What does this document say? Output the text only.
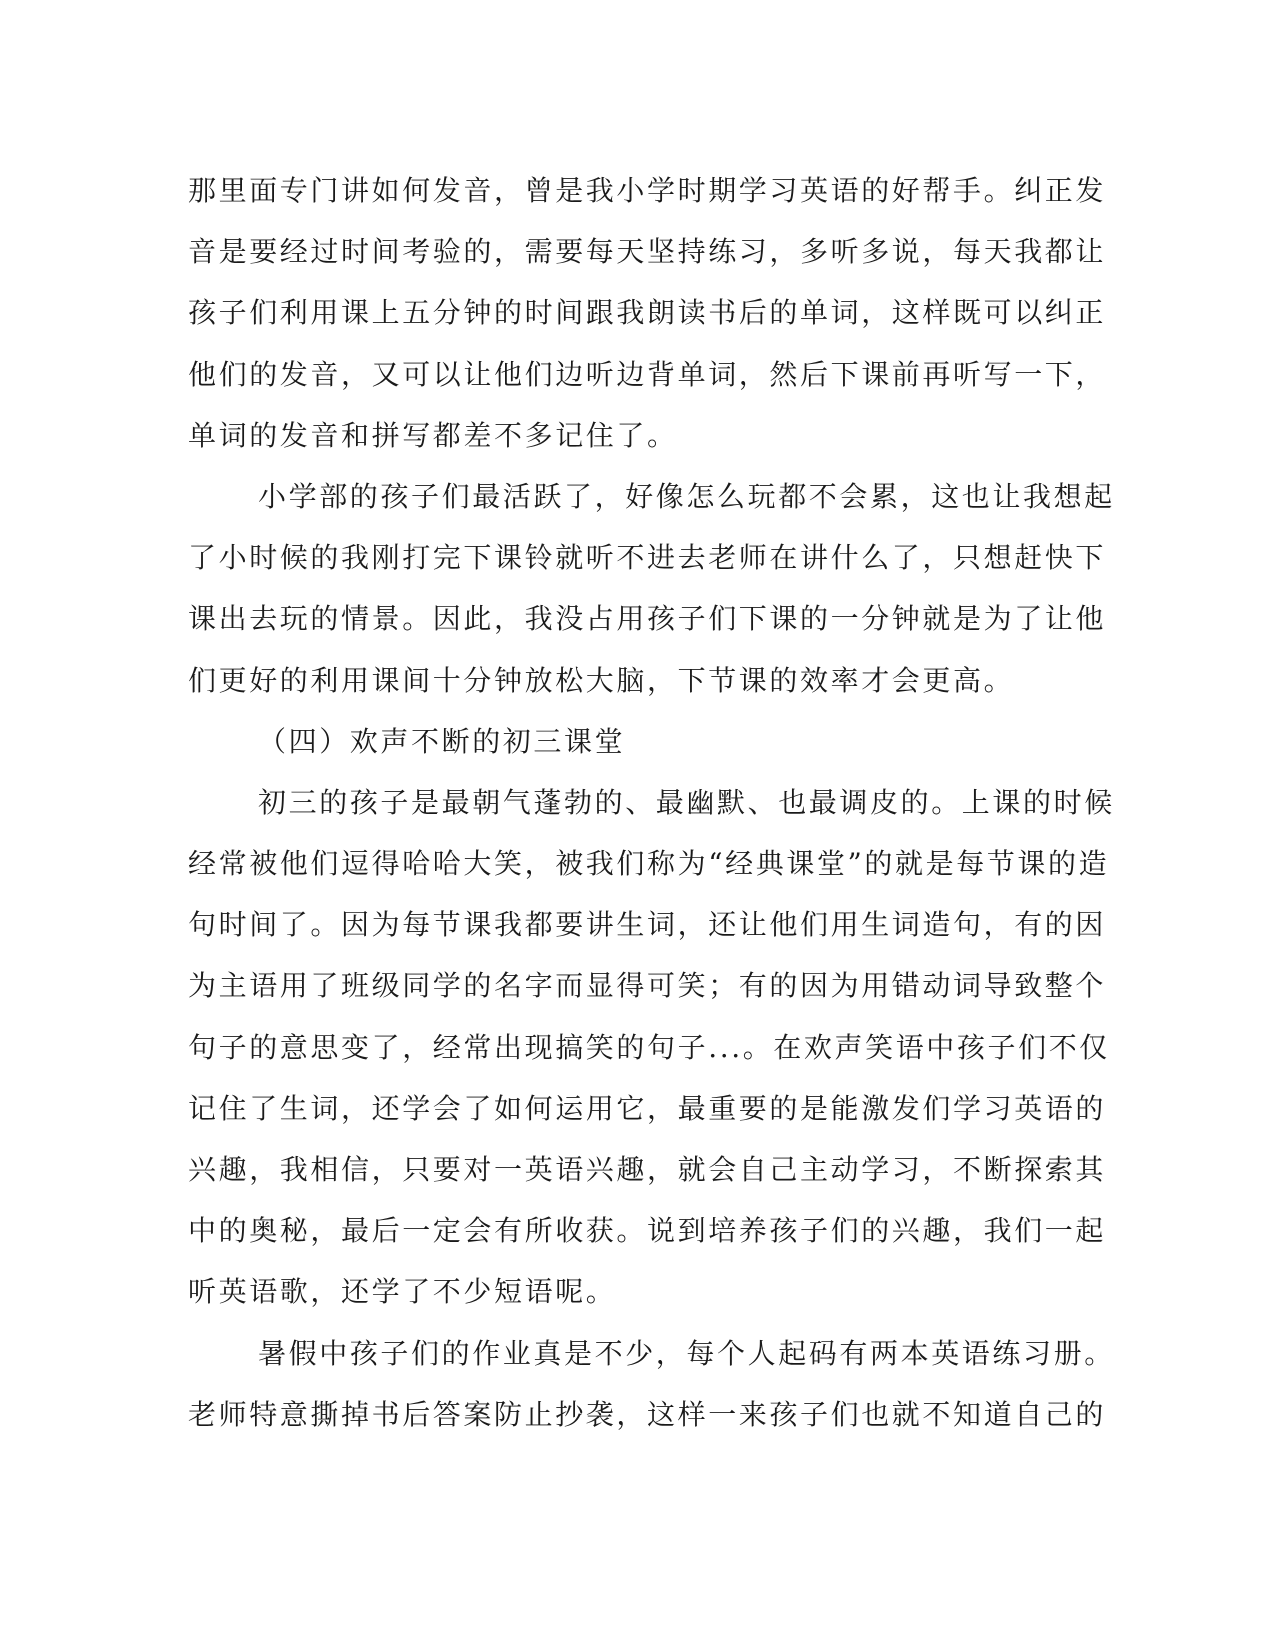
那里面专门讲如何发音，曾是我小学时期学习英语的好帮手。纠正发
音是要经过时间考验的，需要每天坚持练习，多听多说，每天我都让
孩子们利用课上五分钟的时间跟我朗读书后的单词，这样既可以纠正
他们的发音，又可以让他们边听边背单词，然后下课前再听写一下，
单词的发音和拼写都差不多记住了。
小学部的孩子们最活跃了，好像怎么玩都不会累，这也让我想起
了小时候的我刚打完下课铃就听不进去老师在讲什么了，只想赶快下
课出去玩的情景。因此，我没占用孩子们下课的一分钟就是为了让他
们更好的利用课间十分钟放松大脑，下节课的效率才会更高。
（四）欢声不断的初三课堂
初三的孩子是最朝气蓬勃的、最幽默、也最调皮的。上课的时候
经常被他们逗得哈哈大笑，被我们称为“经典课堂”的就是每节课的造
句时间了。因为每节课我都要讲生词，还让他们用生词造句，有的因
为主语用了班级同学的名字而显得可笑；有的因为用错动词导致整个
句子的意思变了，经常出现搞笑的句子...。在欢声笑语中孩子们不仅
记住了生词，还学会了如何运用它，最重要的是能激发们学习英语的
兴趣，我相信，只要对一英语兴趣，就会自己主动学习，不断探索其
中的奥秘，最后一定会有所收获。说到培养孩子们的兴趣，我们一起
听英语歌，还学了不少短语呢。
暑假中孩子们的作业真是不少，每个人起码有两本英语练习册。
老师特意撕掉书后答案防止抄袭，这样一来孩子们也就不知道自己的
